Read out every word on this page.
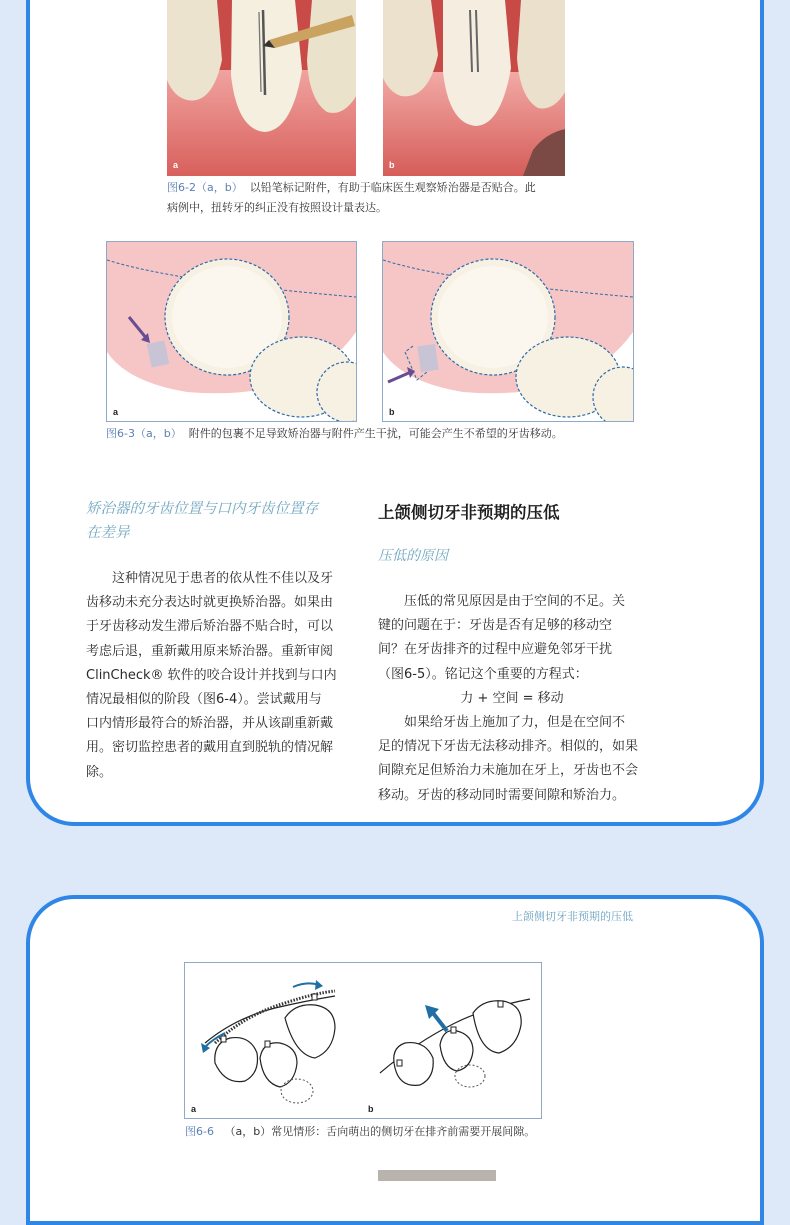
a	b
图6-2（a，b） 以铅笔标记附件，有助于临床医生观察矫治器是否贴合。此
病例中，扭转牙的纠正没有按照设计量表达。
a	b
图6-3（a，b） 附件的包裹不足导致矫治器与附件产生干扰，可能会产生不希望的牙齿移动。
矫治器的牙齿位置与口内牙齿位置存
在差异
这种情况见于患者的依从性不佳以及牙
齿移动未充分表达时就更换矫治器。如果由
于牙齿移动发生滞后矫治器不贴合时，可以
考虑后退，重新戴用原来矫治器。重新审阅
ClinCheck® 软件的咬合设计并找到与口内
情况最相似的阶段（图6-4）。尝试戴用与
口内情形最符合的矫治器，并从该副重新戴
用。密切监控患者的戴用直到脱轨的情况解
除。
上颌侧切牙非预期的压低
压低的原因
压低的常见原因是由于空间的不足。关
键的问题在于：牙齿是否有足够的移动空
间？在牙齿排齐的过程中应避免邻牙干扰
（图6-5）。铭记这个重要的方程式：
力 + 空间 = 移动
如果给牙齿上施加了力，但是在空间不
足的情况下牙齿无法移动排齐。相似的，如果
间隙充足但矫治力未施加在牙上，牙齿也不会
移动。牙齿的移动同时需要间隙和矫治力。
上颌侧切牙非预期的压低
a	b
图6-6 （a，b）常见情形：舌向萌出的侧切牙在排齐前需要开展间隙。
